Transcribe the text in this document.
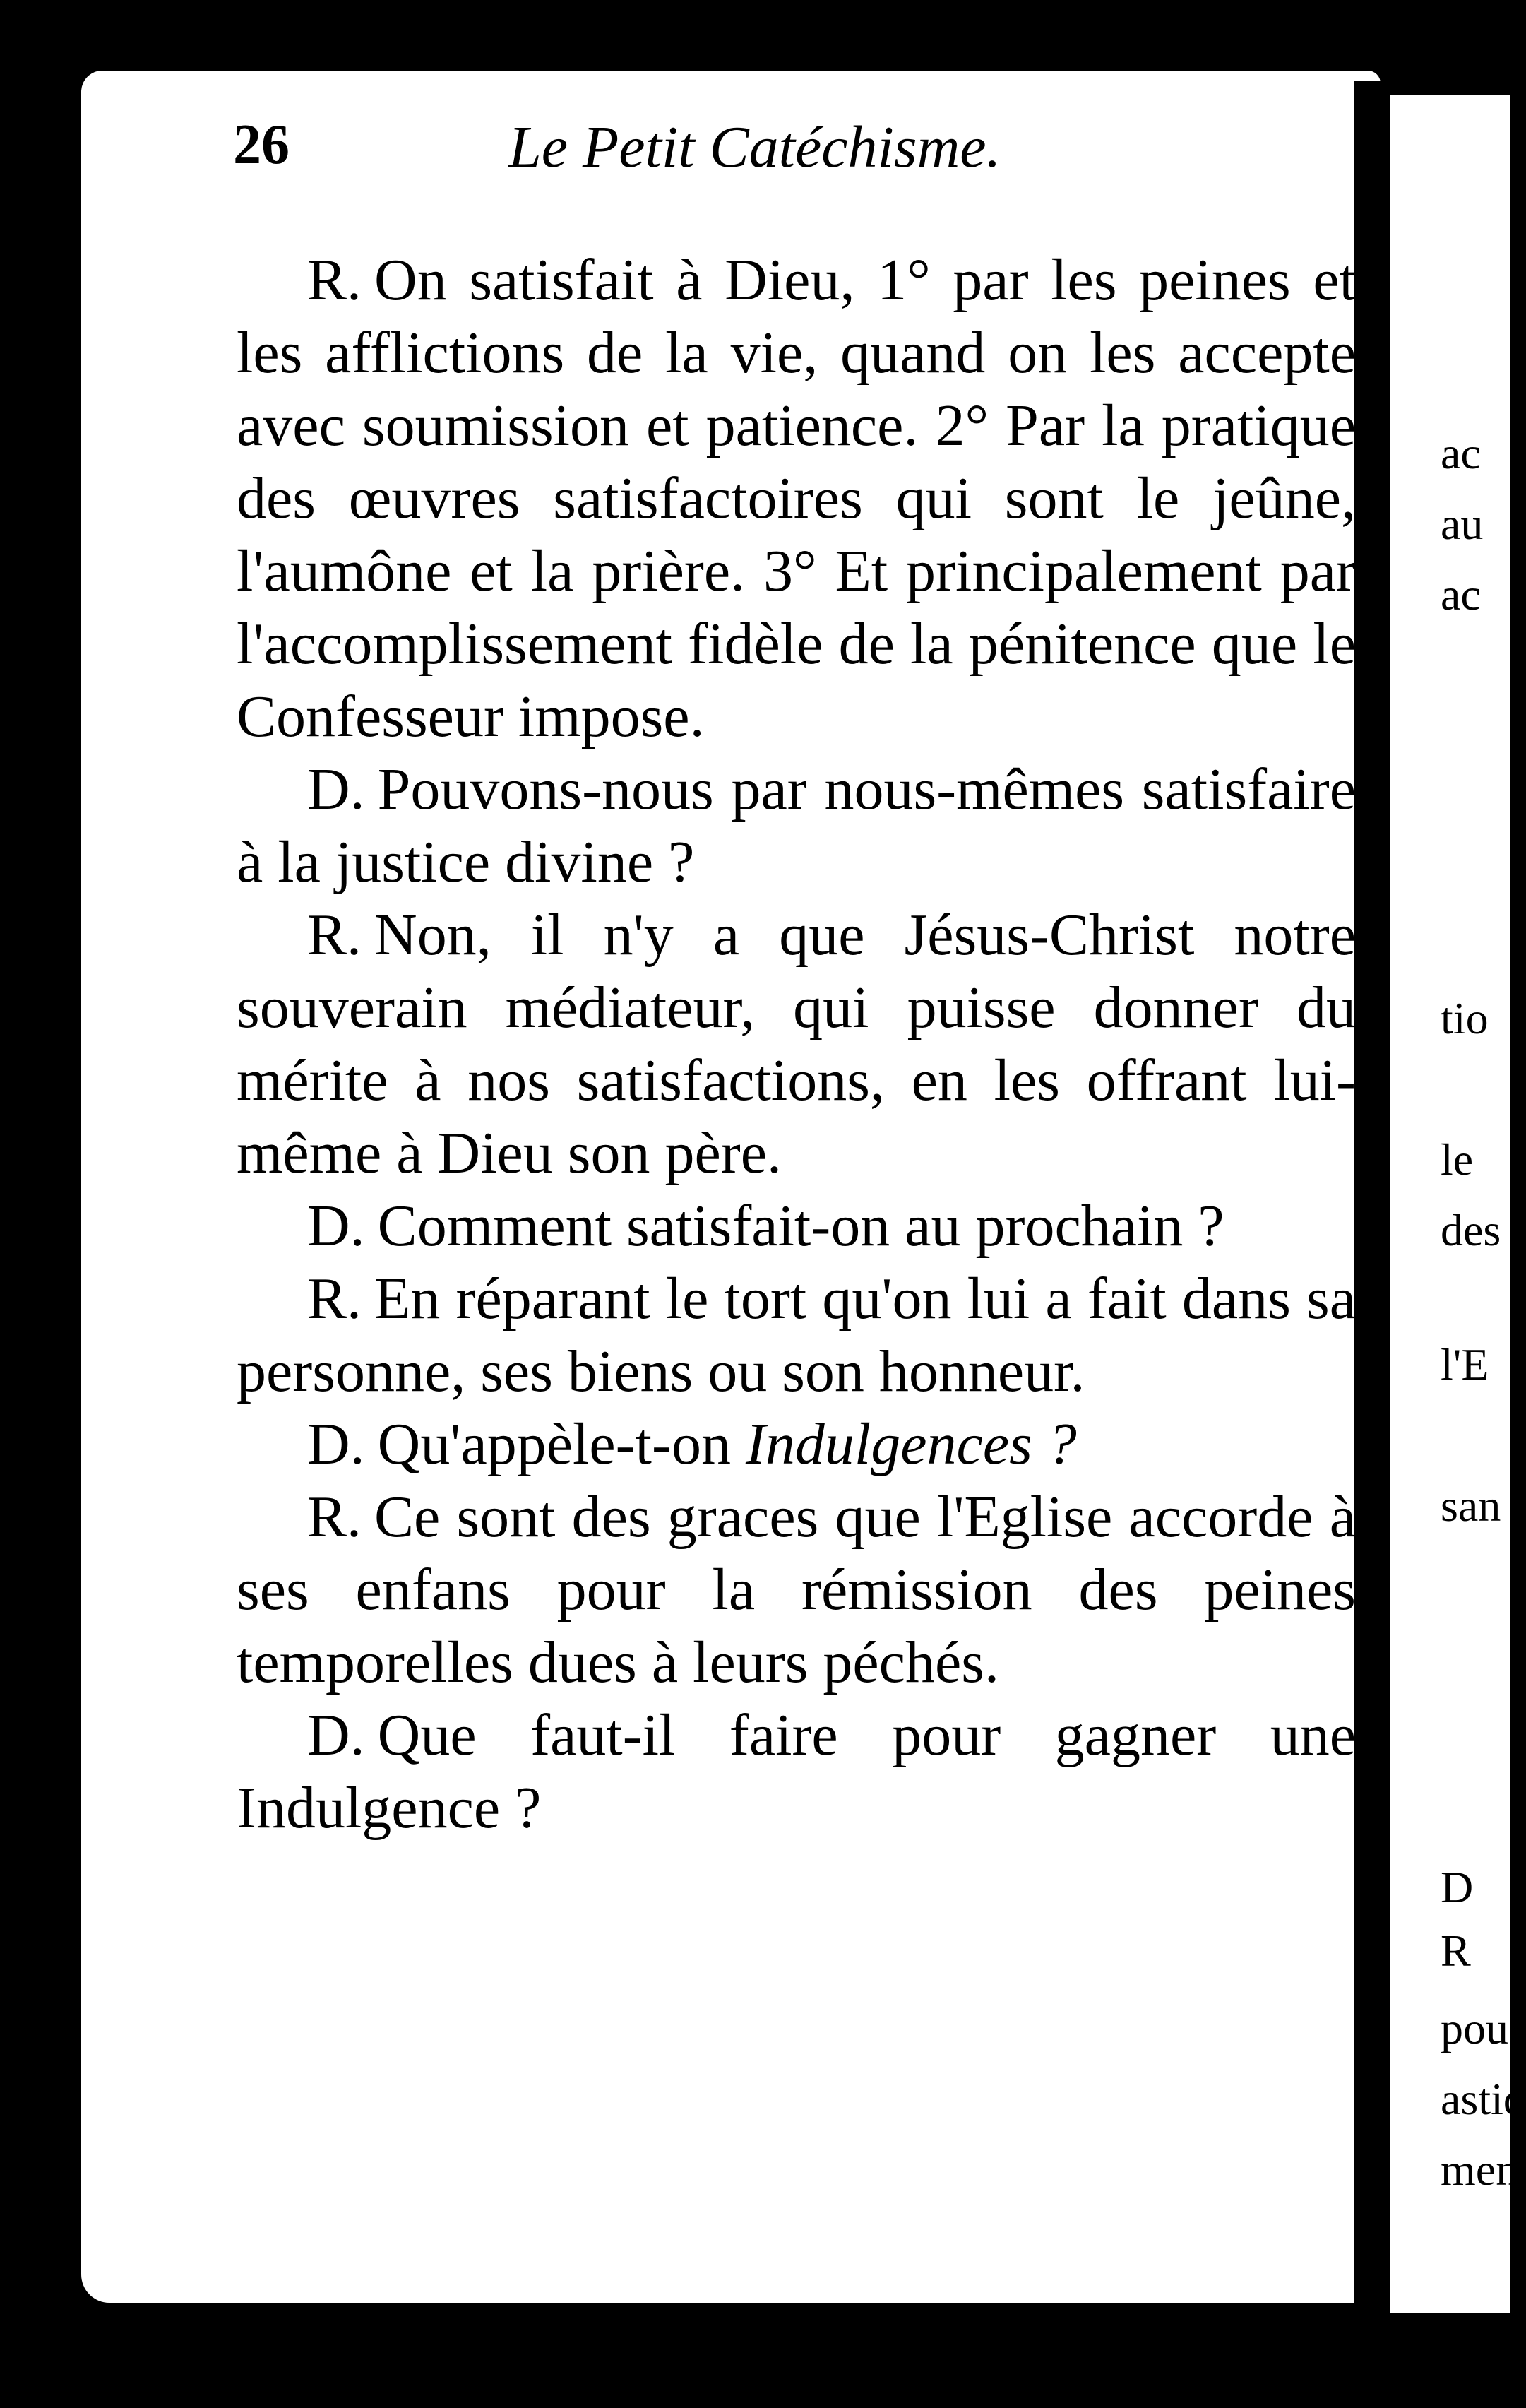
26	Le Petit Catéchisme.

R. On satisfait à Dieu, 1° par les peines et les afflictions de la vie, quand on les accepte avec soumission et patience. 2° Par la pratique des œuvres satisfactoires qui sont le jeûne, l'aumône et la prière. 3° Et principalement par l'accomplissement fidèle de la pénitence que le Confesseur impose.

D. Pouvons-nous par nous-mêmes satisfaire à la justice divine ?

R. Non, il n'y a que Jésus-Christ notre souverain médiateur, qui puisse donner du mérite à nos satisfactions, en les offrant lui-même à Dieu son père.

D. Comment satisfait-on au prochain ?

R. En réparant le tort qu'on lui a fait dans sa personne, ses biens ou son honneur.

D. Qu'appèle-t-on Indulgences ?

R. Ce sont des graces que l'Eglise accorde à ses enfans pour la rémission des peines temporelles dues à leurs péchés.

D. Que faut-il faire pour gagner une Indulgence ?

ac
au
ac
tio
le
des
l'E
san
D
R
pou
astiq
men
